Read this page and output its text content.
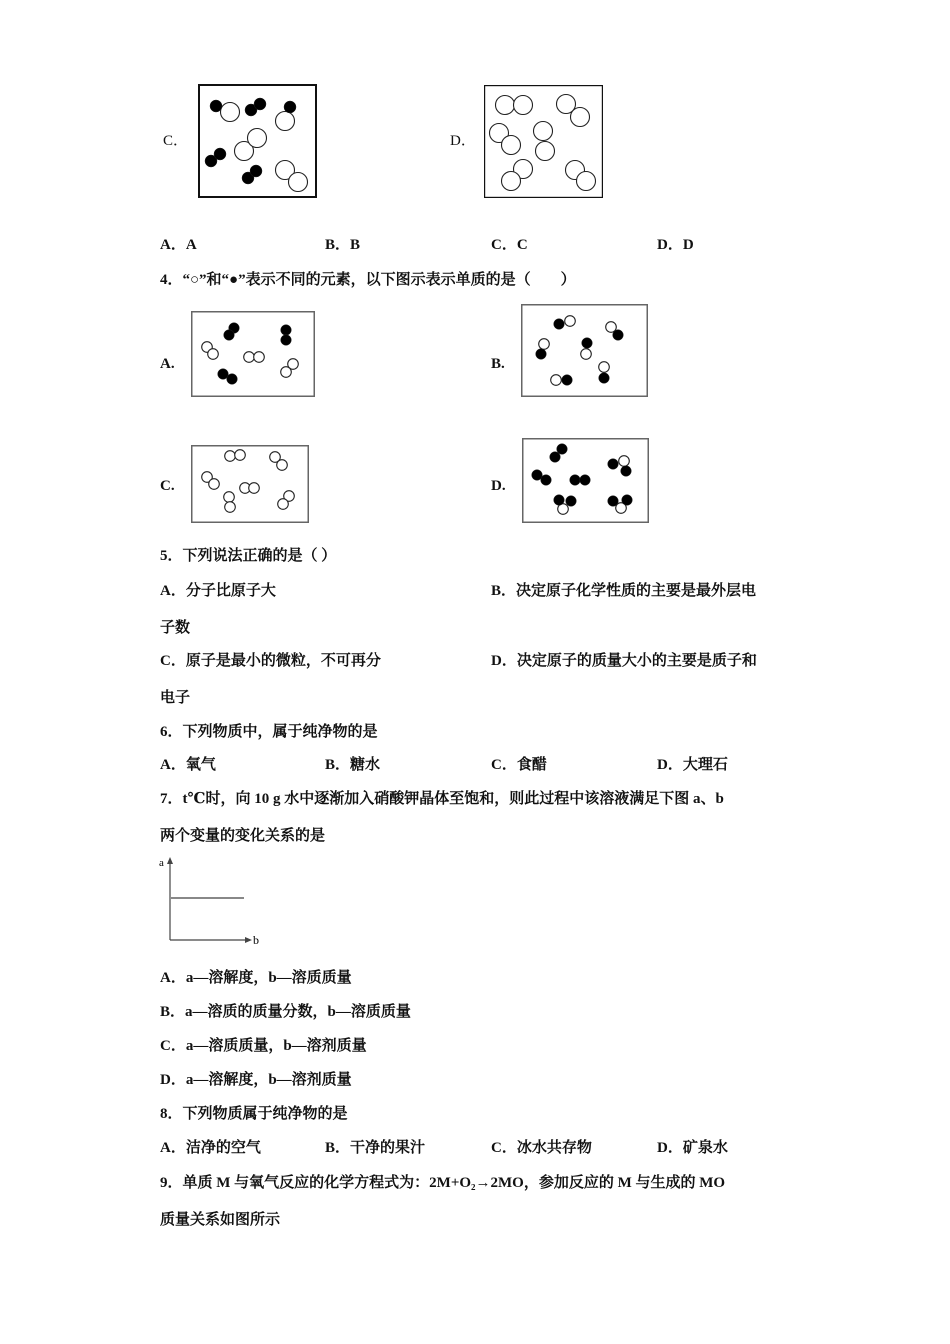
C．	D．
A．A	B．B	C．C	D．D
4．“○”和“●”表示不同的元素，以下图示表示单质的是（　　）
A.	B.
C.	D.
5．下列说法正确的是（ ）
A．分子比原子大	B．决定原子化学性质的主要是最外层电
子数
C．原子是最小的微粒，不可再分	D．决定原子的质量大小的主要是质子和
电子
6．下列物质中，属于纯净物的是
A．氧气	B．糖水	C．食醋	D．大理石
7．t℃时，向 10 g 水中逐渐加入硝酸钾晶体至饱和，则此过程中该溶液满足下图 a、b
两个变量的变化关系的是
a
b
A．a—溶解度，b—溶质质量
B．a—溶质的质量分数，b—溶质质量
C．a—溶质质量，b—溶剂质量
D．a—溶解度，b—溶剂质量
8．下列物质属于纯净物的是
A．洁净的空气	B．干净的果汁	C．冰水共存物	D．矿泉水
9．单质 M 与氧气反应的化学方程式为：2M+O₂→2MO，参加反应的 M 与生成的 MO
质量关系如图所示
